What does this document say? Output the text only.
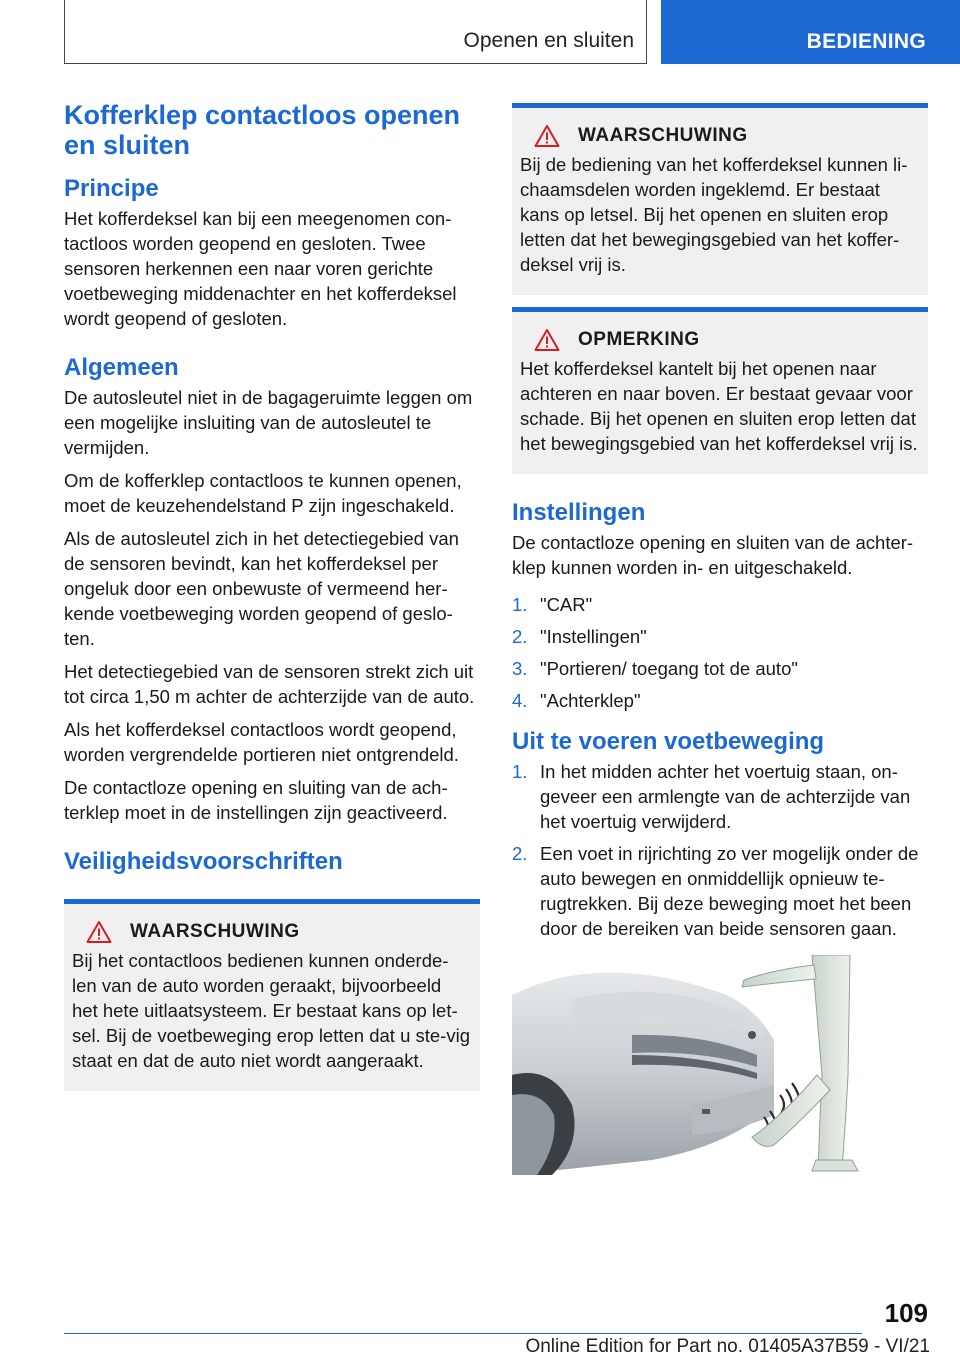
Openen en sluiten	BEDIENING
Kofferklep contactloos openen en sluiten
Principe

Het kofferdeksel kan bij een meegenomen con-tactloos worden geopend en gesloten. Twee sensoren herkennen een naar voren gerichte voetbeweging middenachter en het kofferdeksel wordt geopend of gesloten.

Algemeen

De autosleutel niet in de bagageruimte leggen om een mogelijke insluiting van de autosleutel te vermijden.

Om de kofferklep contactloos te kunnen openen, moet de keuzehendelstand P zijn ingeschakeld.

Als de autosleutel zich in het detectiegebied van de sensoren bevindt, kan het kofferdeksel per ongeluk door een onbewuste of vermeend her-kende voetbeweging worden geopend of geslo-ten.

Het detectiegebied van de sensoren strekt zich uit tot circa 1,50 m achter de achterzijde van de auto.

Als het kofferdeksel contactloos wordt geopend, worden vergrendelde portieren niet ontgrendeld.

De contactloze opening en sluiting van de ach-terklep moet in de instellingen zijn geactiveerd.

Veiligheidsvoorschriften
WAARSCHUWING

Bij het contactloos bedienen kunnen onderde-len van de auto worden geraakt, bijvoorbeeld het hete uitlaatsysteem. Er bestaat kans op let-sel. Bij de voetbeweging erop letten dat u ste-vig staat en dat de auto niet wordt aangeraakt.

WAARSCHUWING

Bij de bediening van het kofferdeksel kunnen li-chaamsdelen worden ingeklemd. Er bestaat kans op letsel. Bij het openen en sluiten erop letten dat het bewegingsgebied van het koffer-deksel vrij is.

OPMERKING

Het kofferdeksel kantelt bij het openen naar achteren en naar boven. Er bestaat gevaar voor schade. Bij het openen en sluiten erop letten dat het bewegingsgebied van het kofferdeksel vrij is.

Instellingen

De contactloze opening en sluiten van de achter-klep kunnen worden in- en uitgeschakeld.

1. "CAR"
2. "Instellingen"
3. "Portieren/ toegang tot de auto"
4. "Achterklep"
Uit te voeren voetbeweging
1. In het midden achter het voertuig staan, on-geveer een armlengte van de achterzijde van het voertuig verwijderd.
2. Een voet in rijrichting zo ver mogelijk onder de auto bewegen en onmiddellijk opnieuw te-rugtrekken. Bij deze beweging moet het been door de bereiken van beide sensoren gaan.
109
Online Edition for Part no. 01405A37B59 - VI/21
